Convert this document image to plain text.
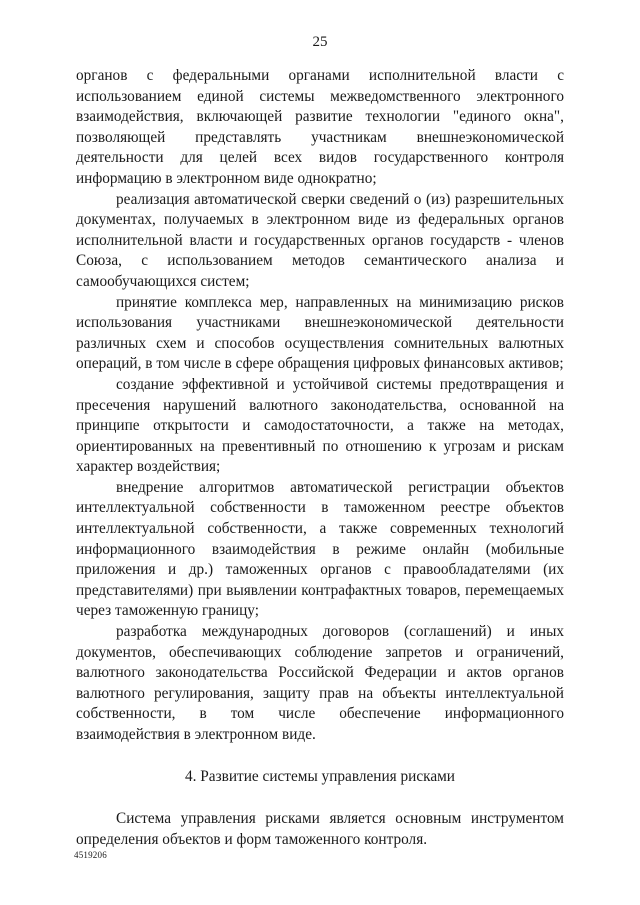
25

органов с федеральными органами исполнительной власти с использованием единой системы межведомственного электронного взаимодействия, включающей развитие технологии "единого окна", позволяющей представлять участникам внешнеэкономической деятельности для целей всех видов государственного контроля информацию в электронном виде однократно;

реализация автоматической сверки сведений о (из) разрешительных документах, получаемых в электронном виде из федеральных органов исполнительной власти и государственных органов государств - членов Союза, с использованием методов семантического анализа и самообучающихся систем;

принятие комплекса мер, направленных на минимизацию рисков использования участниками внешнеэкономической деятельности различных схем и способов осуществления сомнительных валютных операций, в том числе в сфере обращения цифровых финансовых активов;

создание эффективной и устойчивой системы предотвращения и пресечения нарушений валютного законодательства, основанной на принципе открытости и самодостаточности, а также на методах, ориентированных на превентивный по отношению к угрозам и рискам характер воздействия;

внедрение алгоритмов автоматической регистрации объектов интеллектуальной собственности в таможенном реестре объектов интеллектуальной собственности, а также современных технологий информационного взаимодействия в режиме онлайн (мобильные приложения и др.) таможенных органов с правообладателями (их представителями) при выявлении контрафактных товаров, перемещаемых через таможенную границу;

разработка международных договоров (соглашений) и иных документов, обеспечивающих соблюдение запретов и ограничений, валютного законодательства Российской Федерации и актов органов валютного регулирования, защиту прав на объекты интеллектуальной собственности, в том числе обеспечение информационного взаимодействия в электронном виде.

4. Развитие системы управления рисками

Система управления рисками является основным инструментом определения объектов и форм таможенного контроля.

4519206
